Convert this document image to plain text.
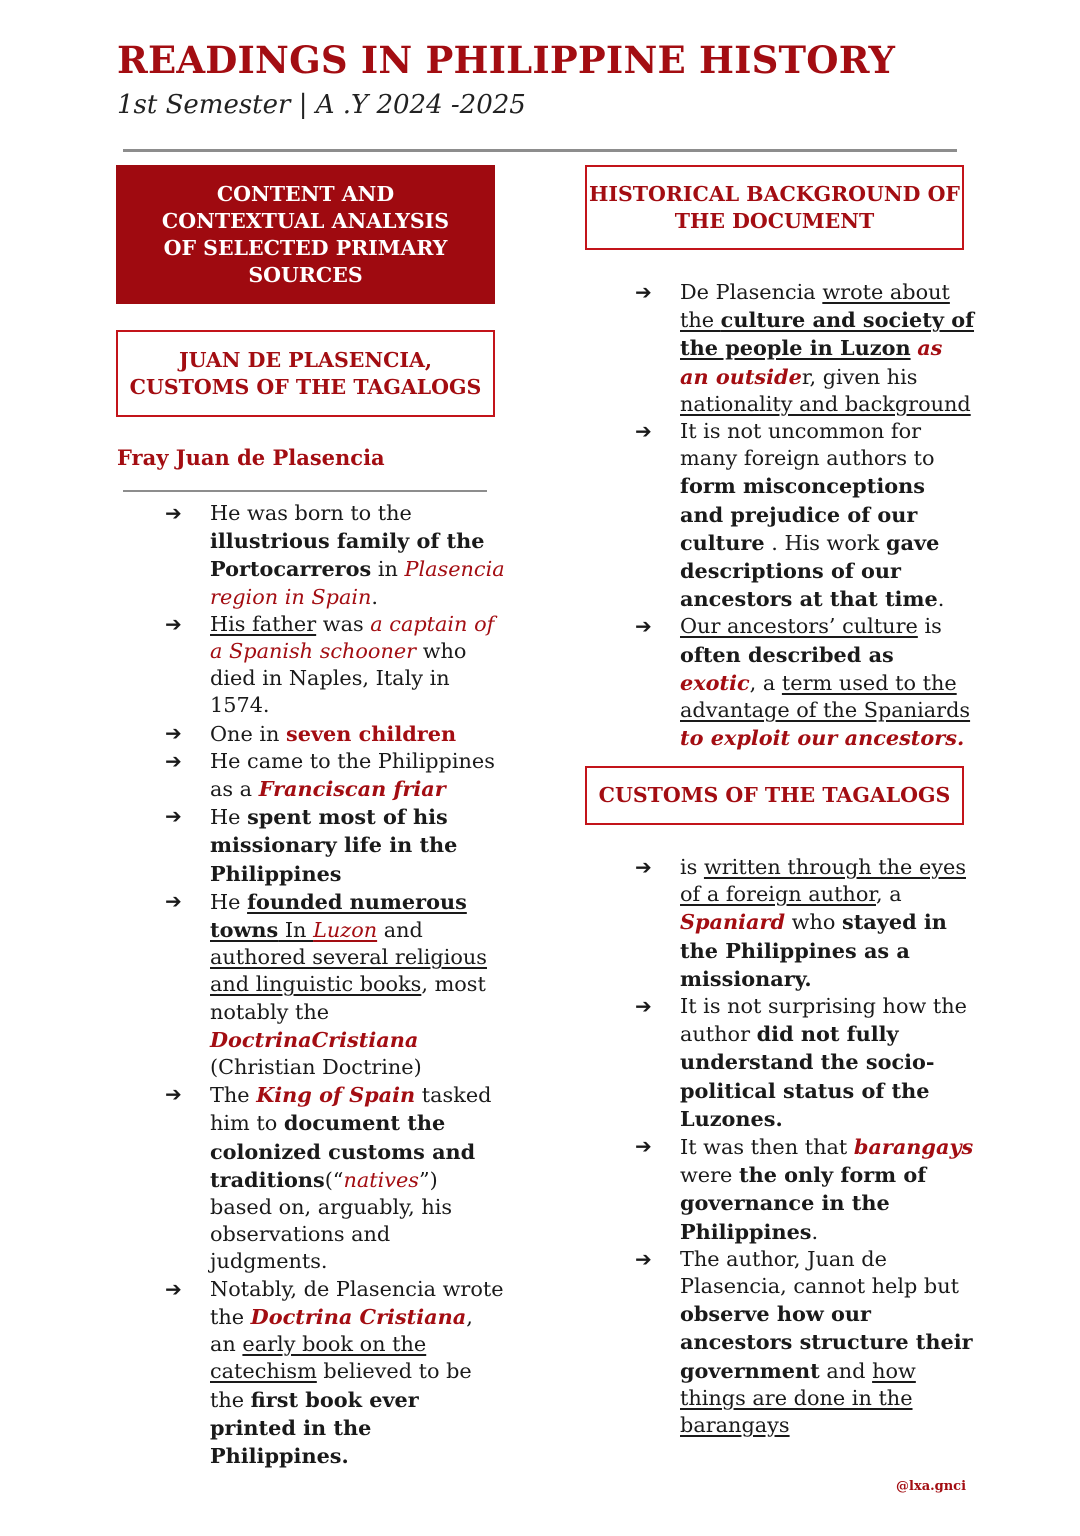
READINGS IN PHILIPPINE HISTORY
1st Semester | A .Y 2024 -2025
CONTENT AND CONTEXTUAL ANALYSIS OF SELECTED PRIMARY SOURCES
JUAN DE PLASENCIA,
CUSTOMS OF THE TAGALOGS
Fray Juan de Plasencia
➔ He was born to the illustrious family of the Portocarreros in Plasencia region in Spain.
➔ His father was a captain of a Spanish schooner who died in Naples, Italy in 1574.
➔ One in seven children
➔ He came to the Philippines as a Franciscan friar
➔ He spent most of his missionary life in the Philippines
➔ He founded numerous towns In Luzon and authored several religious and linguistic books, most notably the DoctrinaCristiana (Christian Doctrine)
➔ The King of Spain tasked him to document the colonized customs and traditions(“natives”) based on, arguably, his observations and judgments.
➔ Notably, de Plasencia wrote the Doctrina Cristiana, an early book on the catechism believed to be the first book ever printed in the Philippines.
HISTORICAL BACKGROUND OF
THE DOCUMENT
➔ De Plasencia wrote about the culture and society of the people in Luzon as an outsider, given his nationality and background
➔ It is not uncommon for many foreign authors to form misconceptions and prejudice of our culture . His work gave descriptions of our ancestors at that time.
➔ Our ancestors’ culture is often described as exotic, a term used to the advantage of the Spaniards to exploit our ancestors.
CUSTOMS OF THE TAGALOGS
➔ is written through the eyes of a foreign author, a Spaniard who stayed in the Philippines as a missionary.
➔ It is not surprising how the author did not fully understand the socio-political status of the Luzones.
➔ It was then that barangays were the only form of governance in the Philippines.
➔ The author, Juan de Plasencia, cannot help but observe how our ancestors structure their government and how things are done in the barangays
@lxa.gnci
